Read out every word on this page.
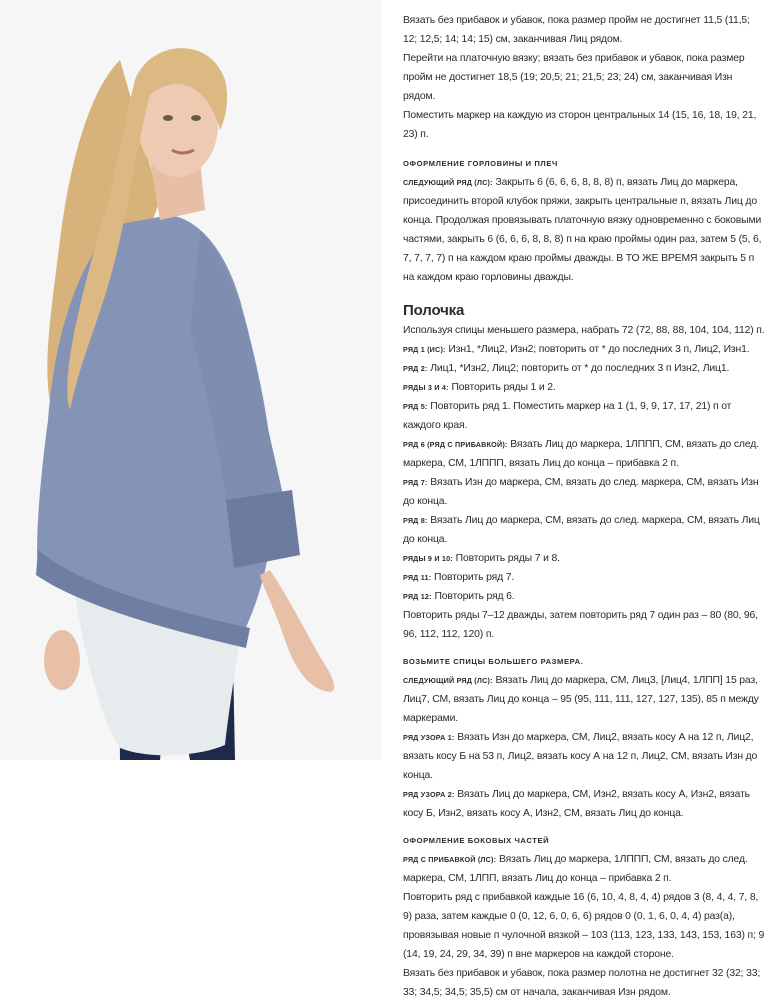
Вязать без прибавок и убавок, пока размер пройм не достигнет 11,5 (11,5; 12; 12,5; 14; 14; 15) см, заканчивая Лиц рядом.

Перейти на платочную вязку; вязать без прибавок и убавок, пока размер пройм не достигнет 18,5 (19; 20,5; 21; 21,5; 23; 24) см, заканчивая Изн рядом.

Поместить маркер на каждую из сторон центральных 14 (15, 16, 18, 19, 21, 23) п.

ОФОРМЛЕНИЕ ГОРЛОВИНЫ И ПЛЕЧ

СЛЕДУЮЩИЙ РЯД (ЛС): Закрыть 6 (6, 6, 6, 8, 8, 8) п, вязать Лиц до маркера, присоединить второй клубок пряжи, закрыть центральные п, вязать Лиц до конца. Продолжая провязывать платочную вязку одновременно с боковыми частями, закрыть 6 (6, 6, 6, 8, 8, 8) п на краю проймы один раз, затем 5 (5, 6, 7, 7, 7, 7) п на каждом краю проймы дважды. В ТО ЖЕ ВРЕМЯ закрыть 5 п на каждом краю горловины дважды.

Полочка

Используя спицы меньшего размера, набрать 72 (72, 88, 88, 104, 104, 112) п.

РЯД 1 (ИС): Изн1, *Лиц2, Изн2; повторить от * до последних 3 п, Лиц2, Изн1.

РЯД 2: Лиц1, *Изн2, Лиц2; повторить от * до последних 3 п Изн2, Лиц1.

РЯДЫ 3 И 4: Повторить ряды 1 и 2.

РЯД 5: Повторить ряд 1. Поместить маркер на 1 (1, 9, 9, 17, 17, 21) п от каждого края.

РЯД 6 (РЯД С ПРИБАВКОЙ): Вязать Лиц до маркера, 1ЛППП, СМ, вязать до след. маркера, СМ, 1ЛППП, вязать Лиц до конца – прибавка 2 п.

РЯД 7: Вязать Изн до маркера, СМ, вязать до след. маркера, СМ, вязать Изн до конца.

РЯД 8: Вязать Лиц до маркера, СМ, вязать до след. маркера, СМ, вязать Лиц до конца.

РЯДЫ 9 И 10: Повторить ряды 7 и 8.

РЯД 11: Повторить ряд 7.

РЯД 12: Повторить ряд 6.

Повторить ряды 7–12 дважды, затем повторить ряд 7 один раз – 80 (80, 96, 96, 112, 112, 120) п.

ВОЗЬМИТЕ СПИЦЫ БОЛЬШЕГО РАЗМЕРА.

СЛЕДУЮЩИЙ РЯД (ЛС): Вязать Лиц до маркера, СМ, Лиц3, [Лиц4, 1ЛПП] 15 раз, Лиц7, СМ, вязать Лиц до конца – 95 (95, 111, 111, 127, 127, 135), 85 п между маркерами.

РЯД УЗОРА 1: Вязать Изн до маркера, СМ, Лиц2, вязать косу А на 12 п, Лиц2, вязать косу Б на 53 п, Лиц2, вязать косу А на 12 п, Лиц2, СМ, вязать Изн до конца.

РЯД УЗОРА 2: Вязать Лиц до маркера, СМ, Изн2, вязать косу А, Изн2, вязать косу Б, Изн2, вязать косу А, Изн2, СМ, вязать Лиц до конца.

ОФОРМЛЕНИЕ БОКОВЫХ ЧАСТЕЙ

РЯД С ПРИБАВКОЙ (ЛС): Вязать Лиц до маркера, 1ЛППП, СМ, вязать до след. маркера, СМ, 1ЛПП, вязать Лиц до конца – прибавка 2 п.

Повторить ряд с прибавкой каждые 16 (6, 10, 4, 8, 4, 4) рядов 3 (8, 4, 4, 7, 8, 9) раза, затем каждые 0 (0, 12, 6, 0, 6, 6) рядов 0 (0, 1, 6, 0, 4, 4) раз(а), провязывая новые п чулочной вязкой – 103 (113, 123, 133, 143, 153, 163) п; 9 (14, 19, 24, 29, 34, 39) п вне маркеров на каждой стороне.

Вязать без прибавок и убавок, пока размер полотна не достигнет 32 (32; 33; 33; 34,5; 34,5; 35,5) см от начала, заканчивая Изн рядом.
